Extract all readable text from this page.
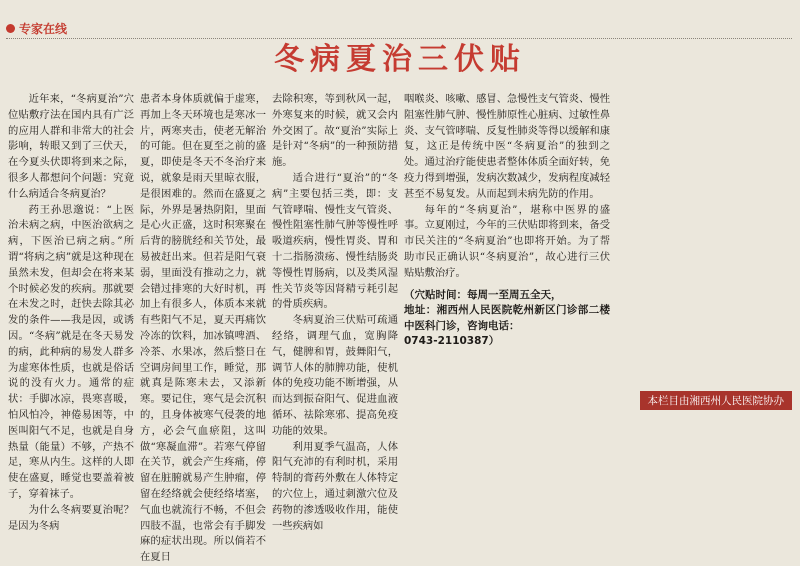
专家在线
冬病夏治三伏贴

近年来，“冬病夏治”穴位贴敷疗法在国内具有广泛的应用人群和非常大的社会影响，转眼又到了三伏天，在今夏头伏即将到来之际，很多人都想问个问题：究竟什么病适合冬病夏治？

药王孙思邈说：“上医治未病之病，中医治欲病之病，下医治已病之病。”所谓“将病之病”就是这种现在虽然未发，但却会在将来某个时候必发的疾病。那就要在未发之时，赶快去除其必发的条件——我是因，或诱因。“冬病”就是在冬天易发的病，此种病的易发人群多为虚寒体性质，也就是俗话说的没有火力。通常的症状：手脚冰凉，畏寒喜暖，怕风怕冷，神倦易困等，中医叫阳气不足，也就是自身热量（能量）不够，产热不足，寒从内生。这样的人即使在盛夏，睡觉也要盖着被子，穿着袜子。

为什么冬病要夏治呢？是因为冬病

患者本身体质就偏于虚寒，再加上冬天环境也是寒冰一片，两寒夹击，使老无解治的可能。但在夏至之前的盛夏，即使是冬天不冬治疗来说，就象是雨天里晾衣服，是很困难的。然而在盛夏之际，外界是暑热阴阳，里面是心火正盛，这时积寒聚在后背的膀胱经和关节处，最易被赶出来。但若是阳气衰弱，里面没有推动之力，就会错过排寒的大好时机，再加上有很多人，体质本来就有些阳气不足，夏天再痛饮冷冻的饮料，加冰镇啤酒、冷茶、水果冰，然后整日在空调房间里工作，睡觉，那就真是陈寒未去，又添新寒。要记住，寒气是会沉积的，且身体被寒气侵袭的地方，必会气血瘀阻，这叫做“寒凝血滞”。若寒气停留在关节，就会产生疼痛，停留在脏腑就易产生肿瘤，停留在经络就会使经络堵塞，气血也就流行不畅，不但会四肢不温，也常会有手脚发麻的症状出现。所以倘若不在夏日

去除积寒，等到秋风一起，外寒复来的时候，就又会内外交困了。故“夏治”实际上是针对“冬病”的一种预防措施。

适合进行“夏治”的“冬病”主要包括三类，即：支气管哮喘、慢性支气管炎、慢性阻塞性肺气肿等慢性呼吸道疾病，慢性胃炎、胃和十二指肠溃疡、慢性结肠炎等慢性胃肠病，以及类风湿性关节炎等因肾精亏耗引起的骨质疾病。

冬病夏治三伏贴可疏通经络，调理气血，宽胸降气，健脾和胃，鼓舞阳气，调节人体的肺脾功能，使机体的免疫功能不断增强，从而达到振奋阳气、促进血液循环、祛除寒邪、提高免疫功能的效果。

利用夏季气温高，人体阳气充沛的有利时机，采用特制的膏药外敷在人体特定的穴位上，通过刺激穴位及药物的渗透吸收作用，能使一些疾病如

咽喉炎、咳嗽、感冒、急慢性支气管炎、慢性阻塞性肺气肿、慢性肺原性心脏病、过敏性鼻炎、支气管哮喘、反复性肺炎等得以缓解和康复，这正是传统中医“冬病夏治”的独到之处。通过治疗能使患者整体体质全面好转，免疫力得到增强，发病次数减少，发病程度减轻甚至不易复发。从而起到未病先防的作用。

每年的“冬病夏治”，堪称中医界的盛事。立夏刚过，今年的三伏贴即将到来，备受市民关注的“冬病夏治”也即将开始。为了帮助市民正确认识“冬病夏治”，故心进行三伏贴贴敷治疗。

（穴贴时间：每周一至周五全天，
地址：湘西州人民医院乾州新区门诊部二楼中医科门诊，咨询电话：
0743-2110387）
本栏目由湘西州人民医院协办
